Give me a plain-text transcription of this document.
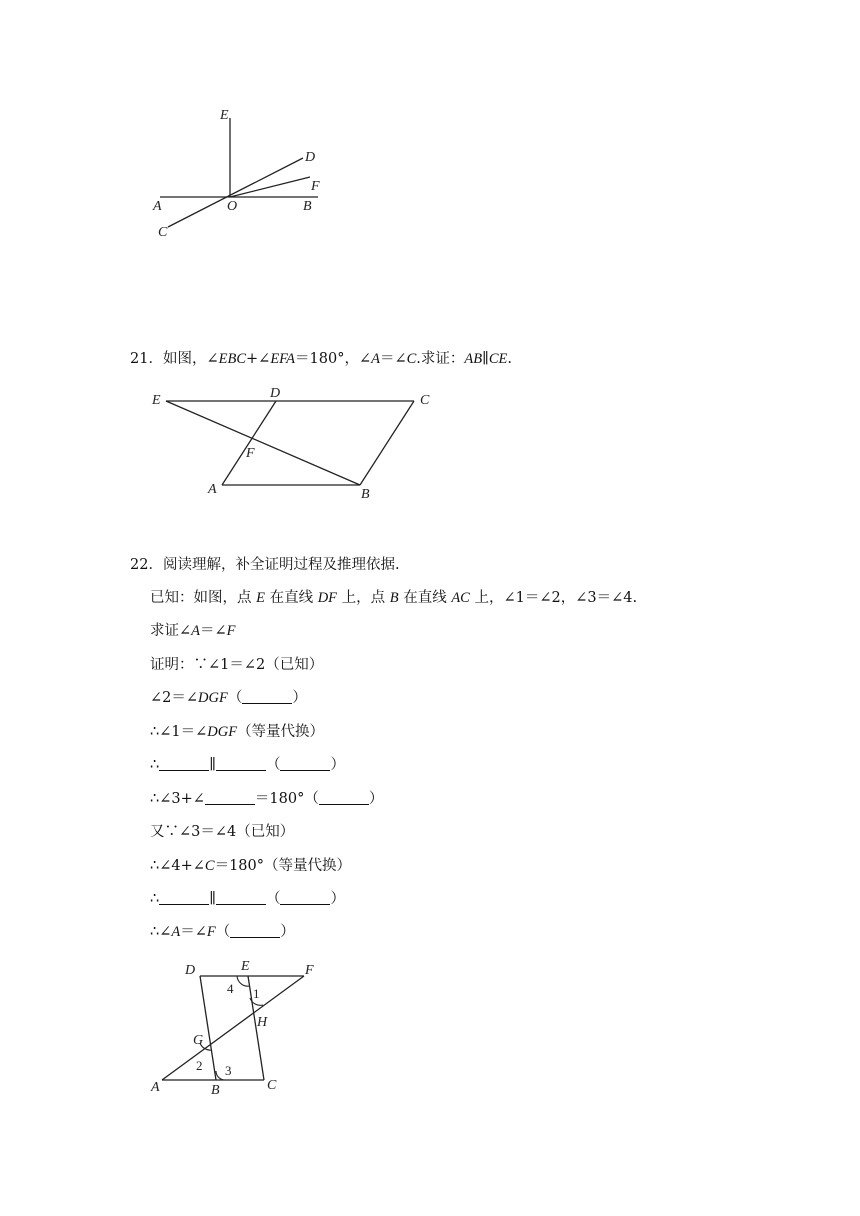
E
D
F
A	O	B
C
21．如图，∠EBC+∠EFA＝180°，∠A＝∠C.求证：AB∥CE.
E	D	C
F
A	B
22．阅读理解，补全证明过程及推理依据.
已知：如图，点 E 在直线 DF 上，点 B 在直线 AC 上，∠1＝∠2，∠3＝∠4.
求证∠A＝∠F
证明：∵∠1＝∠2（已知）
∠2＝∠DGF（	）
∴∠1＝∠DGF（等量代换）
∴	∥	（	）
∴∠3+∠	＝180°（	）
又∵∠3＝∠4（已知）
∴∠4+∠C＝180°（等量代换）
∴	∥	（	）
∴∠A＝∠F（	）
D	E	F
G
H
A	B	C
4 1
2 3
